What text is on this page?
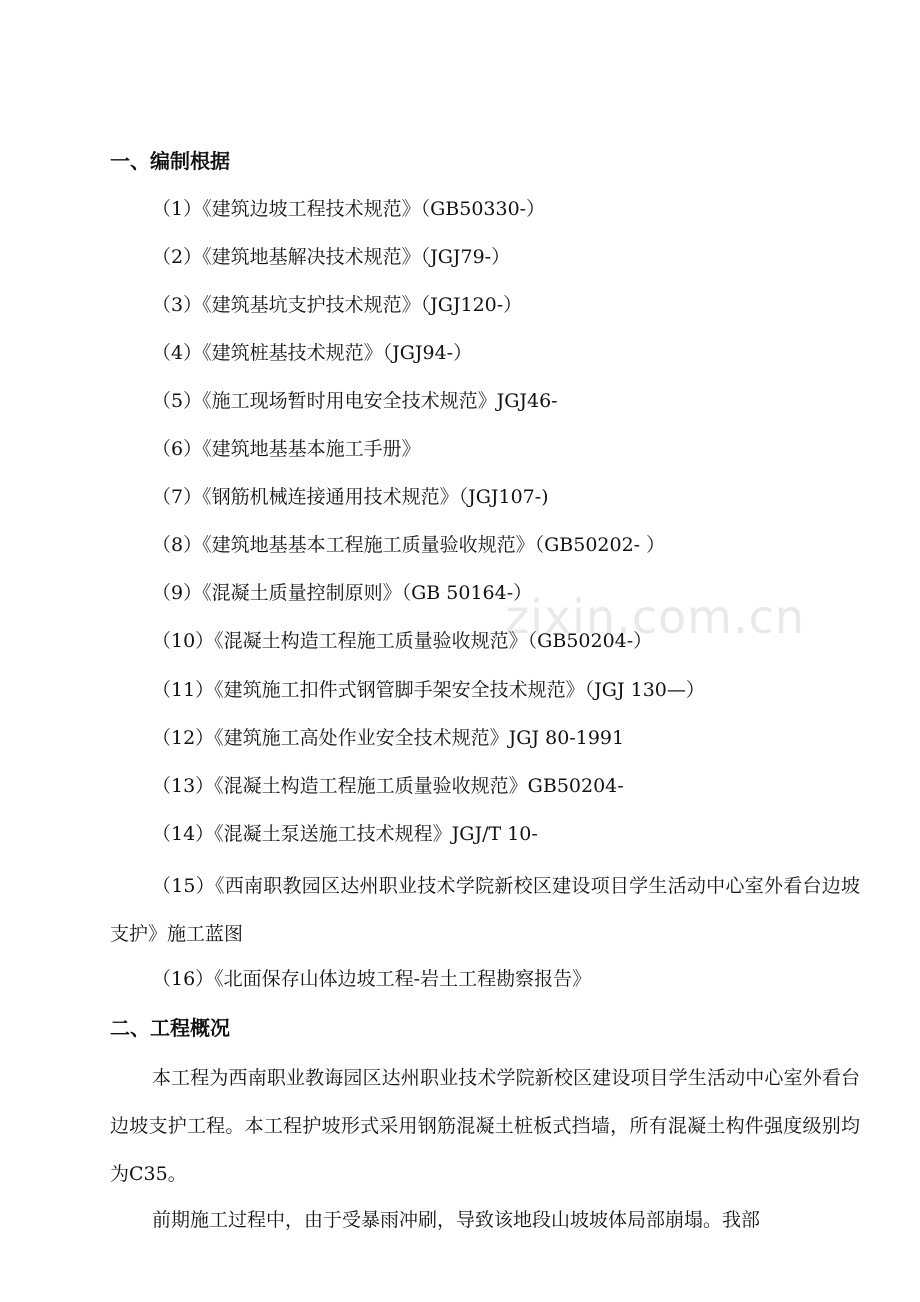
zixin.com.cn
一、编制根据
（1）《建筑边坡工程技术规范》（GB50330-）
（2）《建筑地基解决技术规范》（JGJ79-）
（3）《建筑基坑支护技术规范》（JGJ120-）
（4）《建筑桩基技术规范》（JGJ94-）
（5）《施工现场暂时用电安全技术规范》JGJ46-
（6）《建筑地基基本施工手册》
（7）《钢筋机械连接通用技术规范》（JGJ107-)
（8）《建筑地基基本工程施工质量验收规范》（GB50202- ）
（9）《混凝土质量控制原则》（GB 50164-）
（10）《混凝土构造工程施工质量验收规范》（GB50204-）
（11）《建筑施工扣件式钢管脚手架安全技术规范》（JGJ 130—）
（12）《建筑施工高处作业安全技术规范》JGJ 80-1991
（13）《混凝土构造工程施工质量验收规范》GB50204-
（14）《混凝土泵送施工技术规程》JGJ/T 10-
（15）《西南职教园区达州职业技术学院新校区建设项目学生活动中心室外看台边坡支护》施工蓝图
（16）《北面保存山体边坡工程-岩土工程勘察报告》
二、工程概况
本工程为西南职业教诲园区达州职业技术学院新校区建设项目学生活动中心室外看台边坡支护工程。本工程护坡形式采用钢筋混凝土桩板式挡墙，所有混凝土构件强度级别均为C35。
前期施工过程中，由于受暴雨冲刷，导致该地段山坡坡体局部崩塌。我部
